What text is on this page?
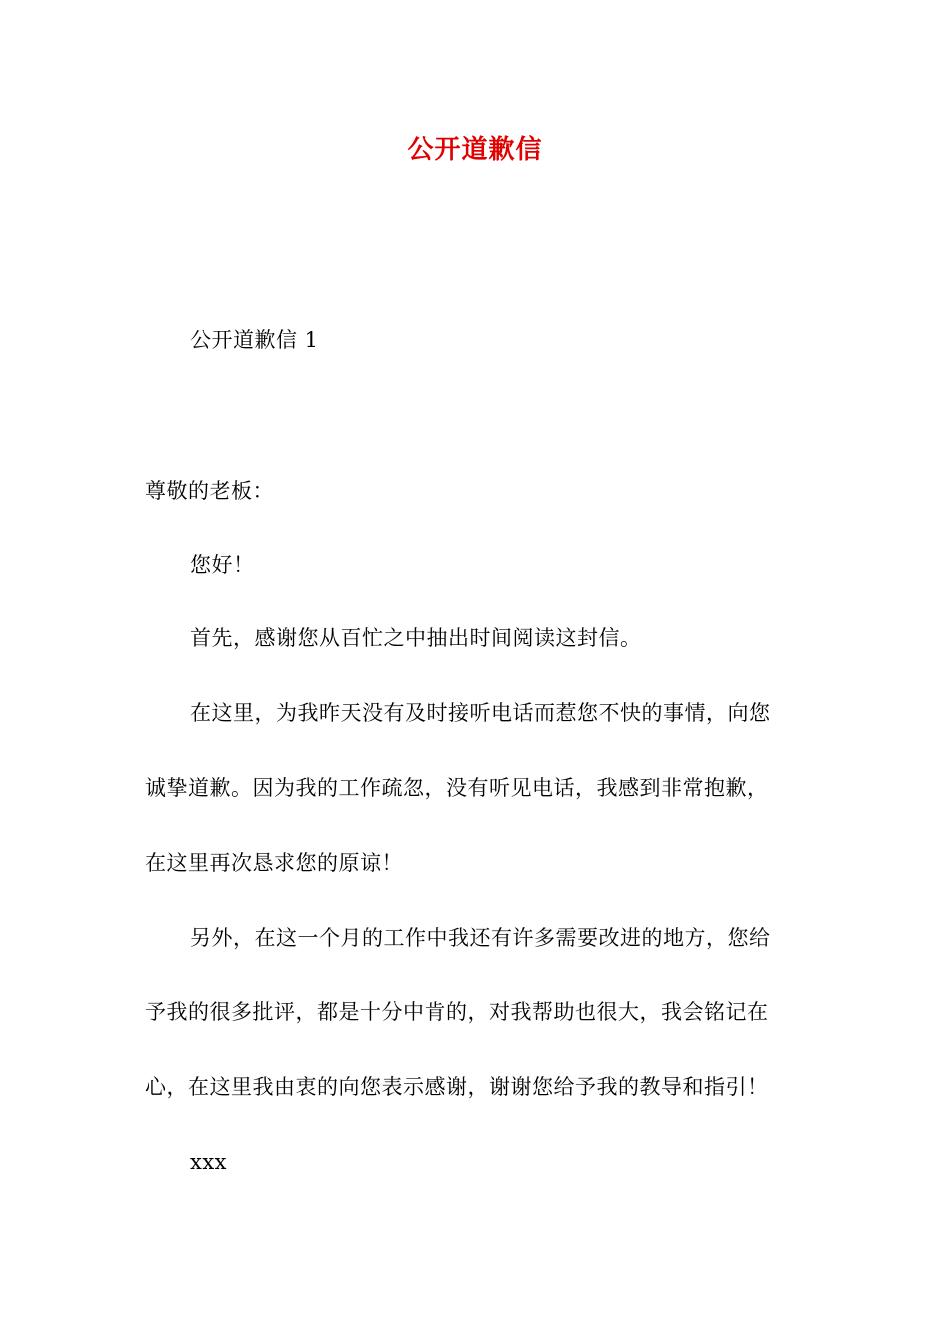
公开道歉信
公开道歉信 1
尊敬的老板：
您好！
首先，感谢您从百忙之中抽出时间阅读这封信。
在这里，为我昨天没有及时接听电话而惹您不快的事情，向您
诚挚道歉。因为我的工作疏忽，没有听见电话，我感到非常抱歉，
在这里再次恳求您的原谅！
另外，在这一个月的工作中我还有许多需要改进的地方，您给
予我的很多批评，都是十分中肯的，对我帮助也很大，我会铭记在
心，在这里我由衷的向您表示感谢，谢谢您给予我的教导和指引！
xxx
